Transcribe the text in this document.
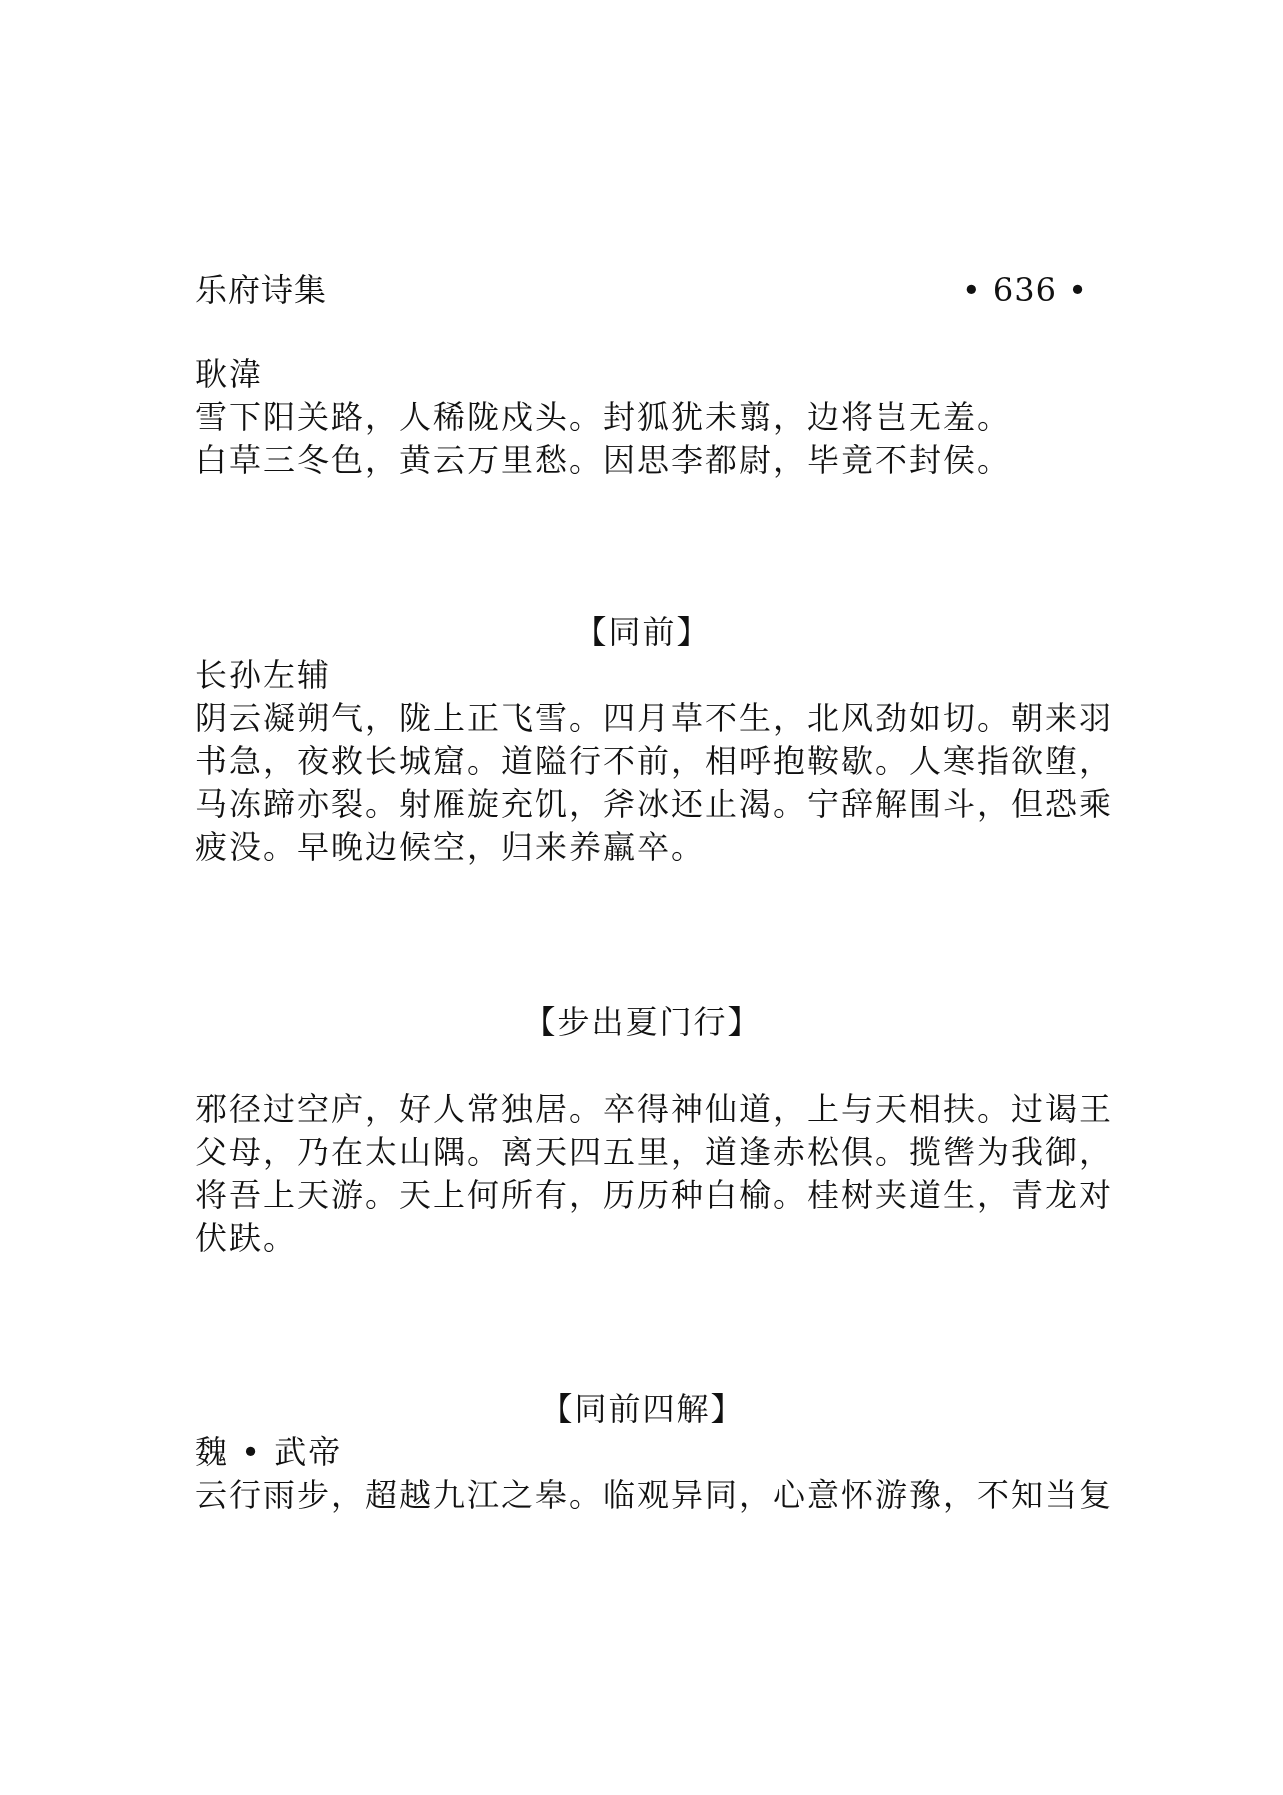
乐府诗集	• 636 •
耿湋
雪下阳关路，人稀陇戍头。封狐犹未翦，边将岂无羞。
白草三冬色，黄云万里愁。因思李都尉，毕竟不封侯。
【同前】
长孙左辅
阴云凝朔气，陇上正飞雪。四月草不生，北风劲如切。朝来羽
书急，夜救长城窟。道隘行不前，相呼抱鞍歇。人寒指欲堕，
马冻蹄亦裂。射雁旋充饥，斧冰还止渴。宁辞解围斗，但恐乘
疲没。早晚边候空，归来养羸卒。
【步出夏门行】
邪径过空庐，好人常独居。卒得神仙道，上与天相扶。过谒王
父母，乃在太山隅。离天四五里，道逢赤松俱。揽辔为我御，
将吾上天游。天上何所有，历历种白榆。桂树夹道生，青龙对
伏趺。
【同前四解】
魏 • 武帝
云行雨步，超越九江之皋。临观异同，心意怀游豫，不知当复
